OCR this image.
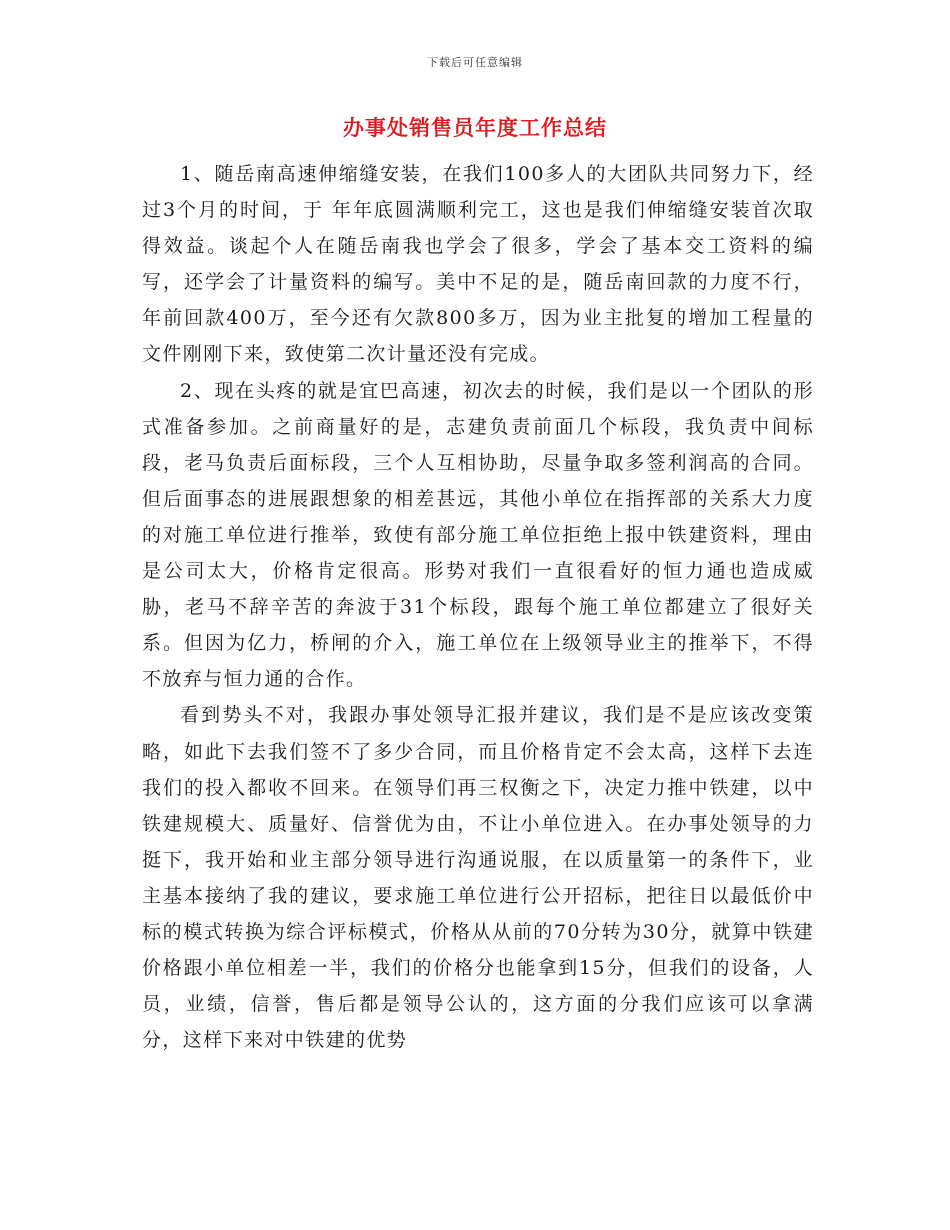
下载后可任意编辑
办事处销售员年度工作总结

1、随岳南高速伸缩缝安装，在我们100多人的大团队共同努力下，经过3个月的时间，于 年年底圆满顺利完工，这也是我们伸缩缝安装首次取得效益。谈起个人在随岳南我也学会了很多，学会了基本交工资料的编写，还学会了计量资料的编写。美中不足的是，随岳南回款的力度不行，年前回款400万，至今还有欠款800多万，因为业主批复的增加工程量的文件刚刚下来，致使第二次计量还没有完成。

2、现在头疼的就是宜巴高速，初次去的时候，我们是以一个团队的形式准备参加。之前商量好的是，志建负责前面几个标段，我负责中间标段，老马负责后面标段，三个人互相协助，尽量争取多签利润高的合同。但后面事态的进展跟想象的相差甚远，其他小单位在指挥部的关系大力度的对施工单位进行推举，致使有部分施工单位拒绝上报中铁建资料，理由是公司太大，价格肯定很高。形势对我们一直很看好的恒力通也造成威胁，老马不辞辛苦的奔波于31个标段，跟每个施工单位都建立了很好关系。但因为亿力，桥闸的介入，施工单位在上级领导业主的推举下，不得不放弃与恒力通的合作。

看到势头不对，我跟办事处领导汇报并建议，我们是不是应该改变策略，如此下去我们签不了多少合同，而且价格肯定不会太高，这样下去连我们的投入都收不回来。在领导们再三权衡之下，决定力推中铁建，以中铁建规模大、质量好、信誉优为由，不让小单位进入。在办事处领导的力挺下，我开始和业主部分领导进行沟通说服，在以质量第一的条件下，业主基本接纳了我的建议，要求施工单位进行公开招标，把往日以最低价中标的模式转换为综合评标模式，价格从从前的70分转为30分，就算中铁建价格跟小单位相差一半，我们的价格分也能拿到15分，但我们的设备，人员，业绩，信誉，售后都是领导公认的，这方面的分我们应该可以拿满分，这样下来对中铁建的优势
